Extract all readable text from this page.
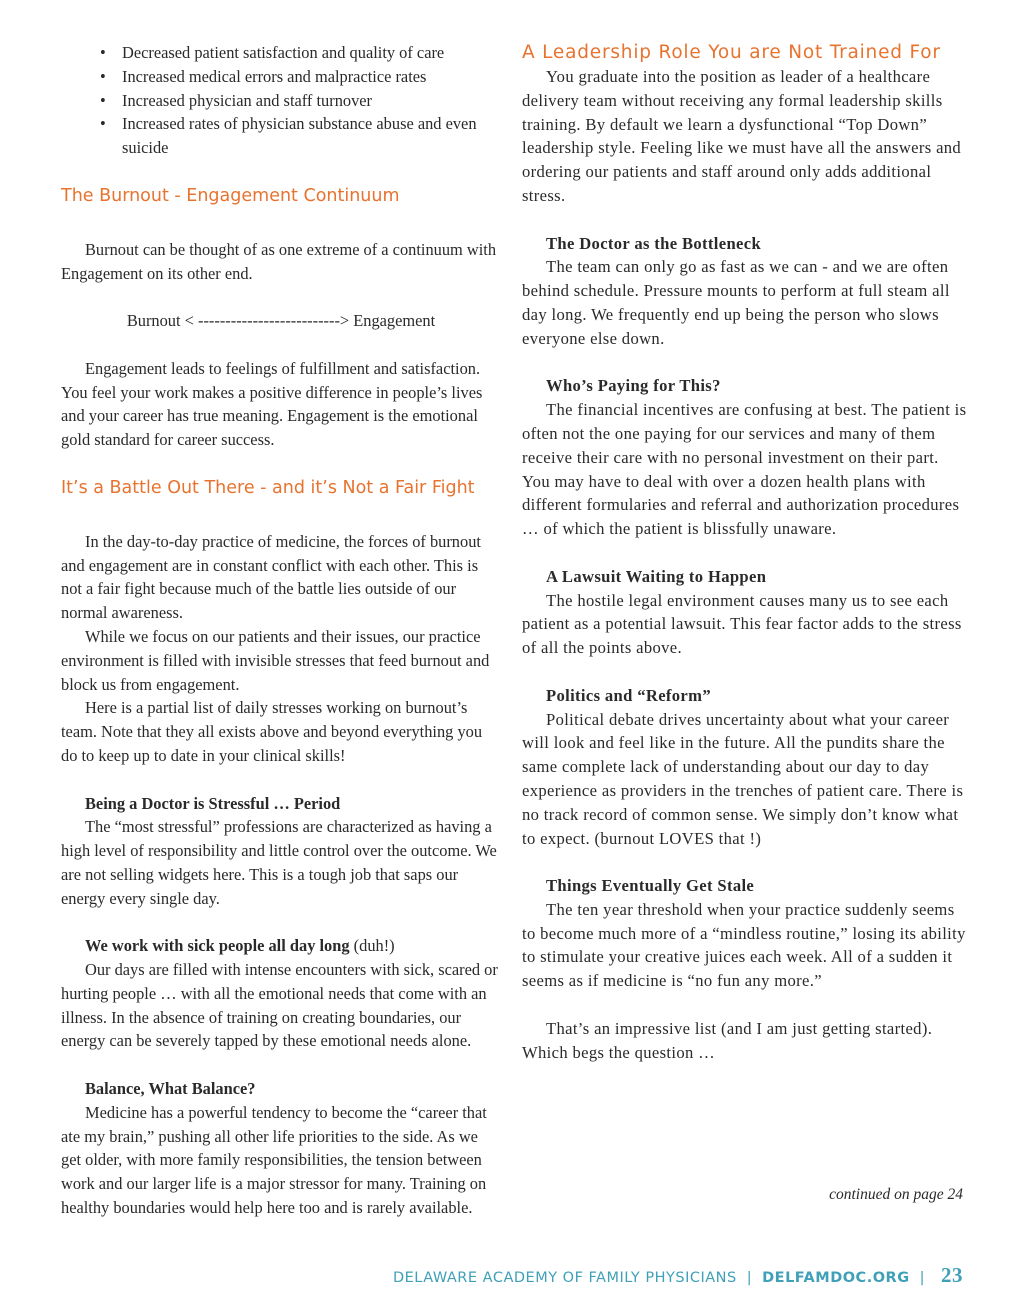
• Decreased patient satisfaction and quality of care
• Increased medical errors and malpractice rates
• Increased physician and staff turnover
• Increased rates of physician substance abuse and even suicide
The Burnout - Engagement Continuum

Burnout can be thought of as one extreme of a continuum with Engagement on its other end.

Burnout < --------------------------> Engagement

Engagement leads to feelings of fulfillment and satisfaction. You feel your work makes a positive difference in people’s lives and your career has true meaning. Engagement is the emotional gold standard for career success.

It’s a Battle Out There - and it’s Not a Fair Fight

In the day-to-day practice of medicine, the forces of burnout and engagement are in constant conflict with each other. This is not a fair fight because much of the battle lies outside of our normal awareness.

While we focus on our patients and their issues, our practice environment is filled with invisible stresses that feed burnout and block us from engagement.

Here is a partial list of daily stresses working on burnout’s team. Note that they all exists above and beyond everything you do to keep up to date in your clinical skills!

Being a Doctor is Stressful … Period

The “most stressful” professions are characterized as having a high level of responsibility and little control over the outcome. We are not selling widgets here. This is a tough job that saps our energy every single day.

We work with sick people all day long (duh!)

Our days are filled with intense encounters with sick, scared or hurting people … with all the emotional needs that come with an illness. In the absence of training on creating boundaries, our energy can be severely tapped by these emotional needs alone.

Balance, What Balance?

Medicine has a powerful tendency to become the “career that ate my brain,” pushing all other life priorities to the side. As we get older, with more family responsibilities, the tension between work and our larger life is a major stressor for many. Training on healthy boundaries would help here too and is rarely available.

A Leadership Role You are Not Trained For

You graduate into the position as leader of a healthcare delivery team without receiving any formal leadership skills training. By default we learn a dysfunctional “Top Down” leadership style. Feeling like we must have all the answers and ordering our patients and staff around only adds additional stress.

The Doctor as the Bottleneck

The team can only go as fast as we can - and we are often behind schedule. Pressure mounts to perform at full steam all day long. We frequently end up being the person who slows everyone else down.

Who’s Paying for This?

The financial incentives are confusing at best. The patient is often not the one paying for our services and many of them receive their care with no personal investment on their part. You may have to deal with over a dozen health plans with different formularies and referral and authorization procedures … of which the patient is blissfully unaware.

A Lawsuit Waiting to Happen

The hostile legal environment causes many us to see each patient as a potential lawsuit. This fear factor adds to the stress of all the points above.

Politics and “Reform”

Political debate drives uncertainty about what your career will look and feel like in the future. All the pundits share the same complete lack of understanding about our day to day experience as providers in the trenches of patient care. There is no track record of common sense. We simply don’t know what to expect. (burnout LOVES that !)

Things Eventually Get Stale

The ten year threshold when your practice suddenly seems to become much more of a “mindless routine,” losing its ability to stimulate your creative juices each week. All of a sudden it seems as if medicine is “no fun any more.”

That’s an impressive list (and I am just getting started). Which begs the question …

continued on page 24
DELAWARE ACADEMY OF FAMILY PHYSICIANS | DELFAMDOC.ORG | 23
